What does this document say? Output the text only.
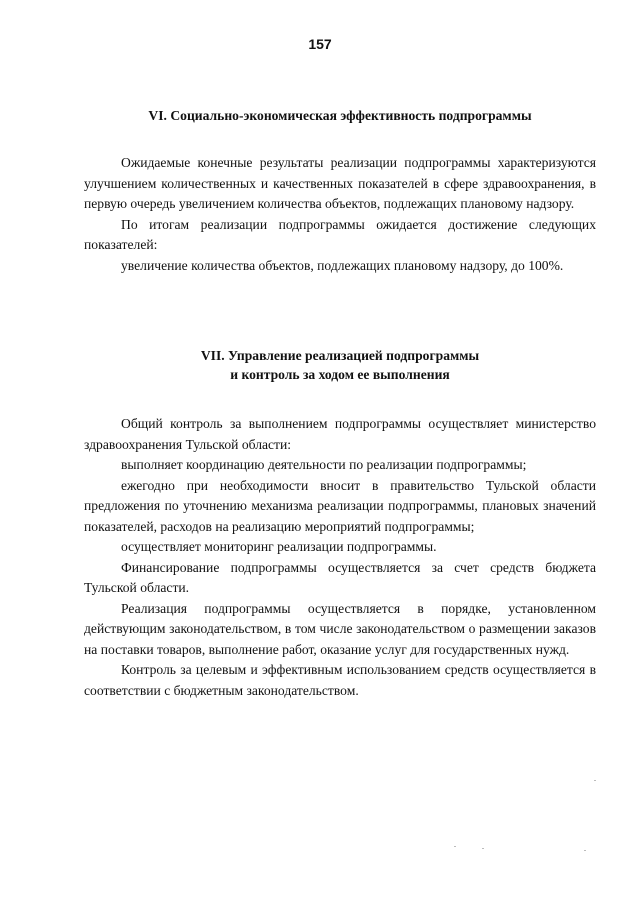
157
VI. Социально-экономическая эффективность подпрограммы

Ожидаемые конечные результаты реализации подпрограммы характеризуются улучшением количественных и качественных показателей в сфере здравоохранения, в первую очередь увеличением количества объектов, подлежащих плановому надзору.

По итогам реализации подпрограммы ожидается достижение следующих показателей:

увеличение количества объектов, подлежащих плановому надзору, до 100%.

VII. Управление реализацией подпрограммы
и контроль за ходом ее выполнения

Общий контроль за выполнением подпрограммы осуществляет министерство здравоохранения Тульской области:

выполняет координацию деятельности по реализации подпрограммы;

ежегодно при необходимости вносит в правительство Тульской области предложения по уточнению механизма реализации подпрограммы, плановых значений показателей, расходов на реализацию мероприятий подпрограммы;

осуществляет мониторинг реализации подпрограммы.

Финансирование подпрограммы осуществляется за счет средств бюджета Тульской области.

Реализация подпрограммы осуществляется в порядке, установленном действующим законодательством, в том числе законодательством о размещении заказов на поставки товаров, выполнение работ, оказание услуг для государственных нужд.

Контроль за целевым и эффективным использованием средств осуществляется в соответствии с бюджетным законодательством.
